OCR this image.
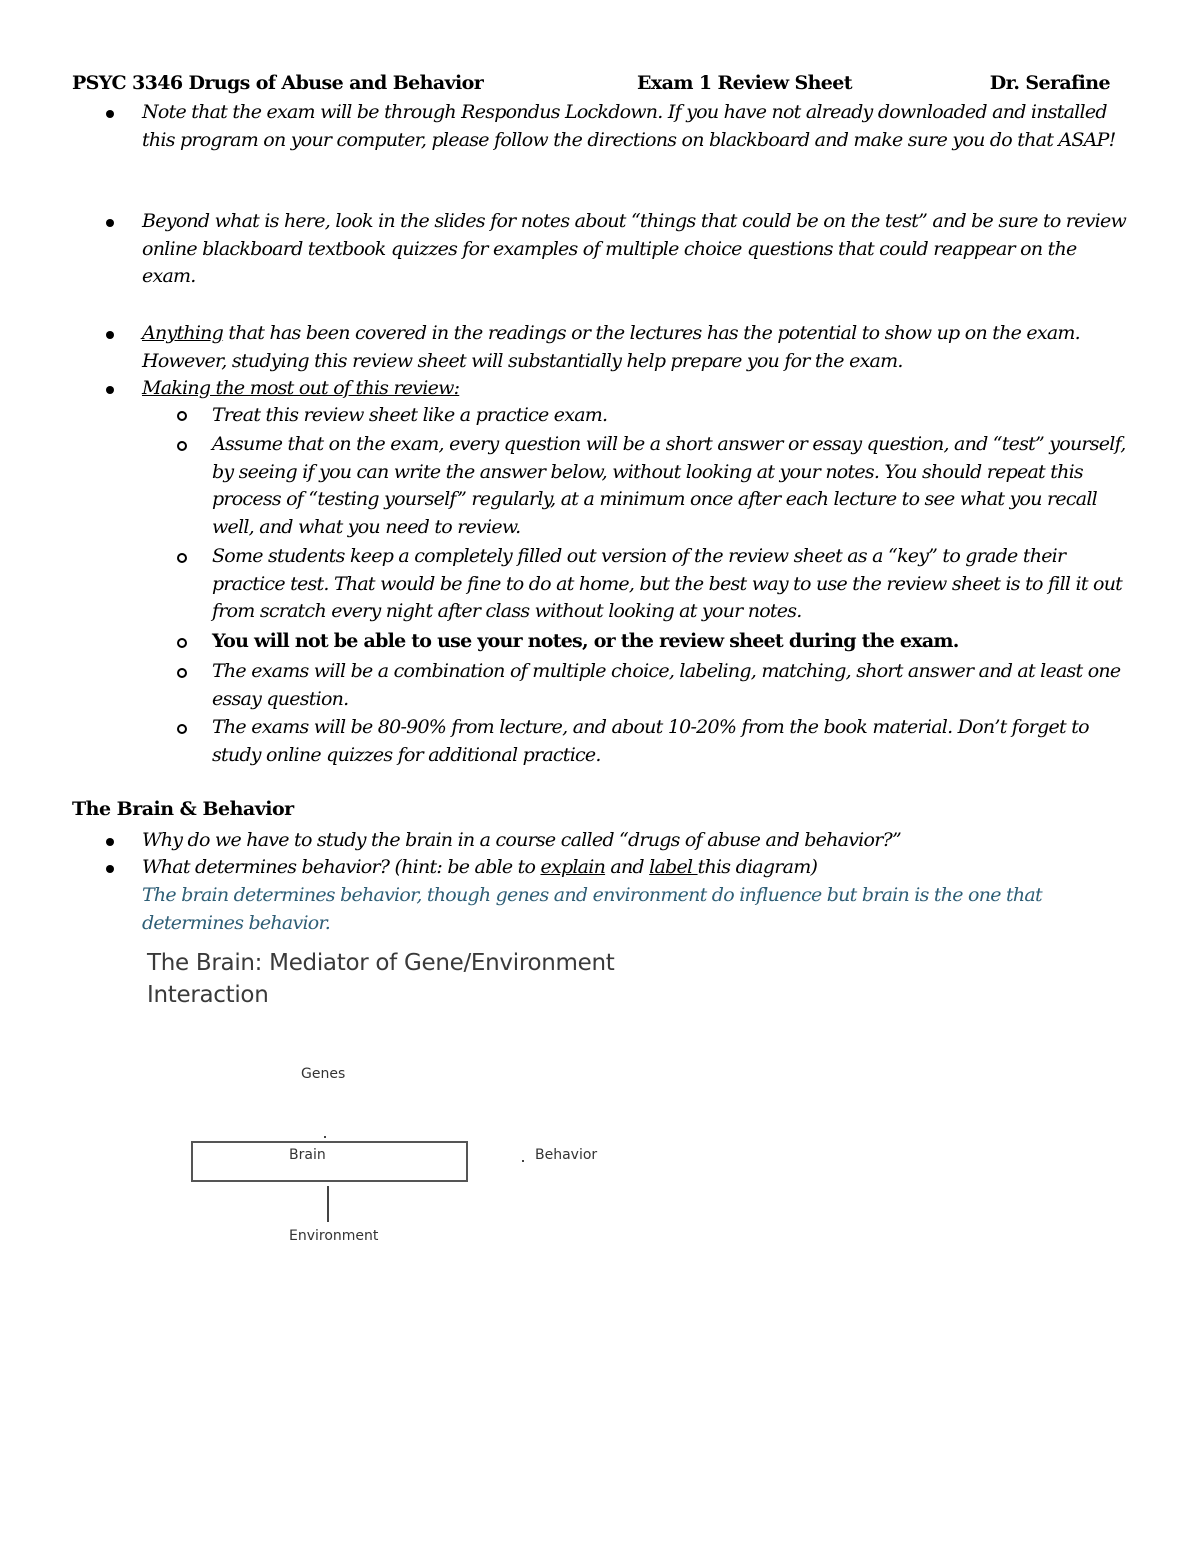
PSYC 3346 Drugs of Abuse and Behavior	Exam 1 Review Sheet	Dr. Serafine
Note that the exam will be through Respondus Lockdown. If you have not already downloaded and installed this program on your computer, please follow the directions on blackboard and make sure you do that ASAP!
Beyond what is here, look in the slides for notes about “things that could be on the test” and be sure to review online blackboard textbook quizzes for examples of multiple choice questions that could reappear on the exam.
Anything that has been covered in the readings or the lectures has the potential to show up on the exam. However, studying this review sheet will substantially help prepare you for the exam.
Making the most out of this review:
Treat this review sheet like a practice exam.
Assume that on the exam, every question will be a short answer or essay question, and “test” yourself, by seeing if you can write the answer below, without looking at your notes. You should repeat this process of “testing yourself” regularly, at a minimum once after each lecture to see what you recall well, and what you need to review.
Some students keep a completely filled out version of the review sheet as a “key” to grade their practice test. That would be fine to do at home, but the best way to use the review sheet is to fill it out from scratch every night after class without looking at your notes.
You will not be able to use your notes, or the review sheet during the exam.
The exams will be a combination of multiple choice, labeling, matching, short answer and at least one essay question.
The exams will be 80-90% from lecture, and about 10-20% from the book material. Don’t forget to study online quizzes for additional practice.
The Brain & Behavior
Why do we have to study the brain in a course called “drugs of abuse and behavior?”
What determines behavior? (hint: be able to explain and label this diagram)
The brain determines behavior, though genes and environment do influence but brain is the one that determines behavior.
The Brain: Mediator of Gene/Environment
Interaction
Genes
Brain	Behavior
Environment
